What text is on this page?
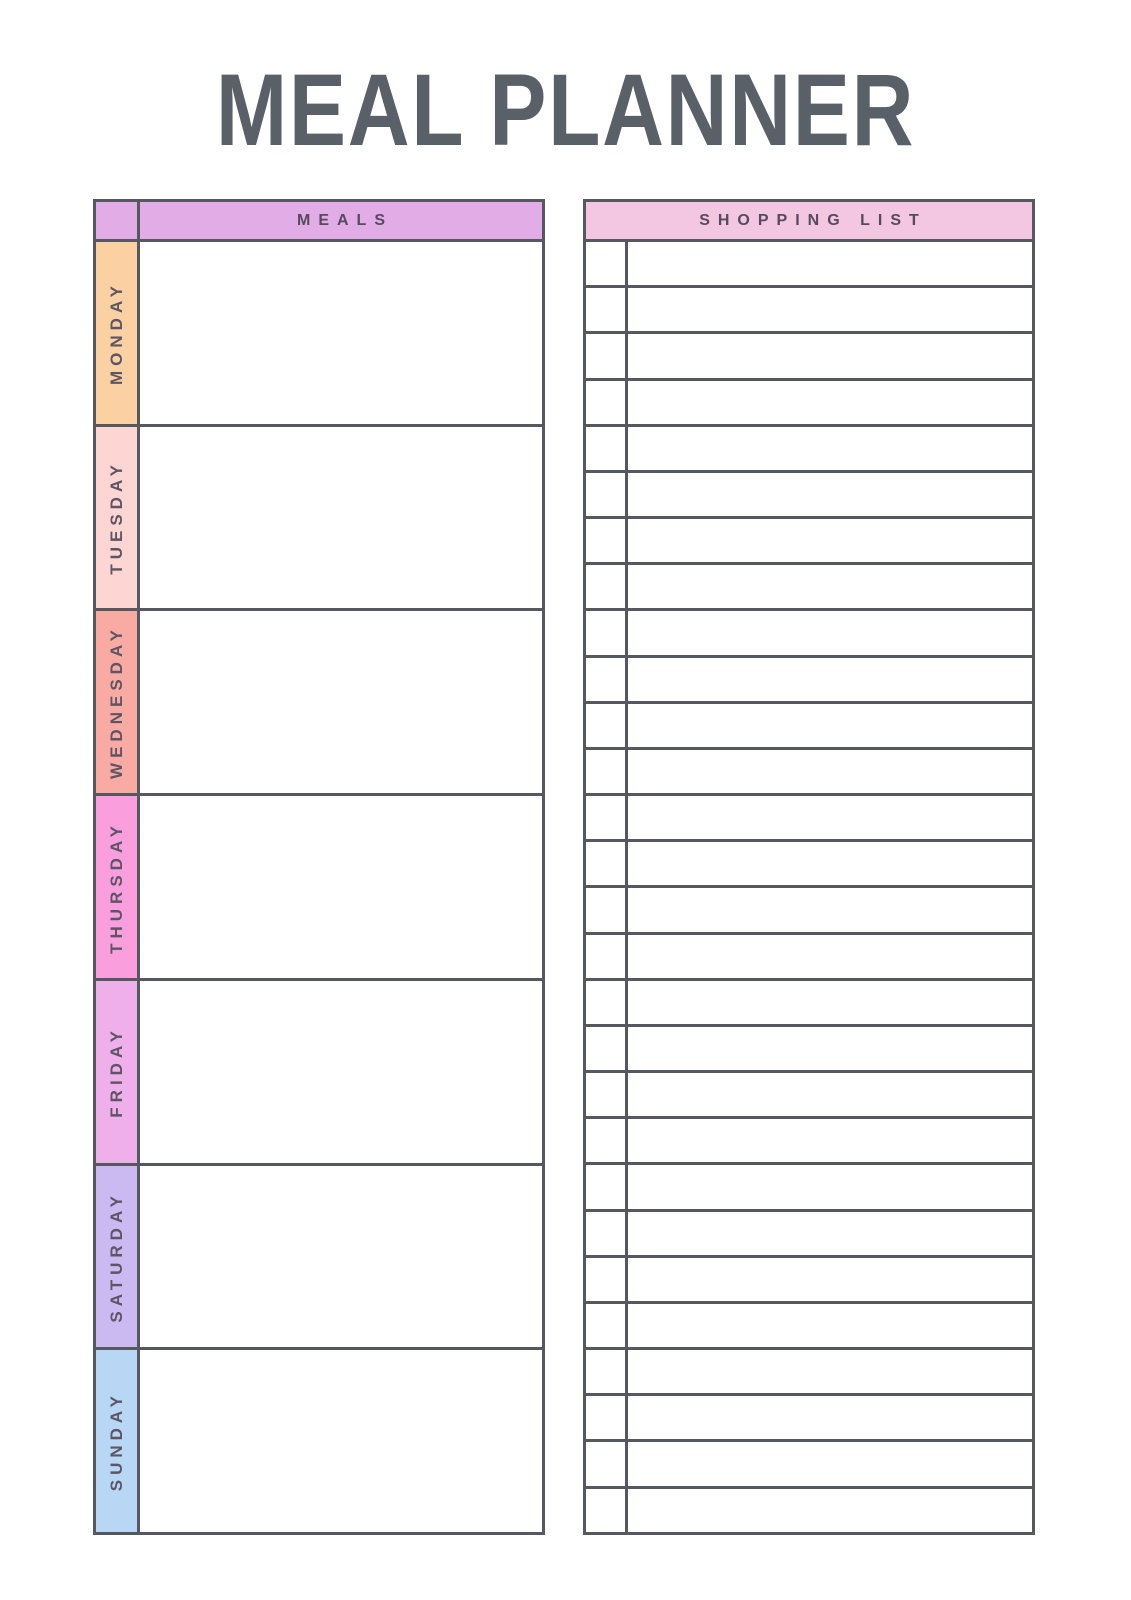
MEAL PLANNER
MEALS
MONDAY
TUESDAY
WEDNESDAY
THURSDAY
FRIDAY
SATURDAY
SUNDAY
SHOPPING LIST
